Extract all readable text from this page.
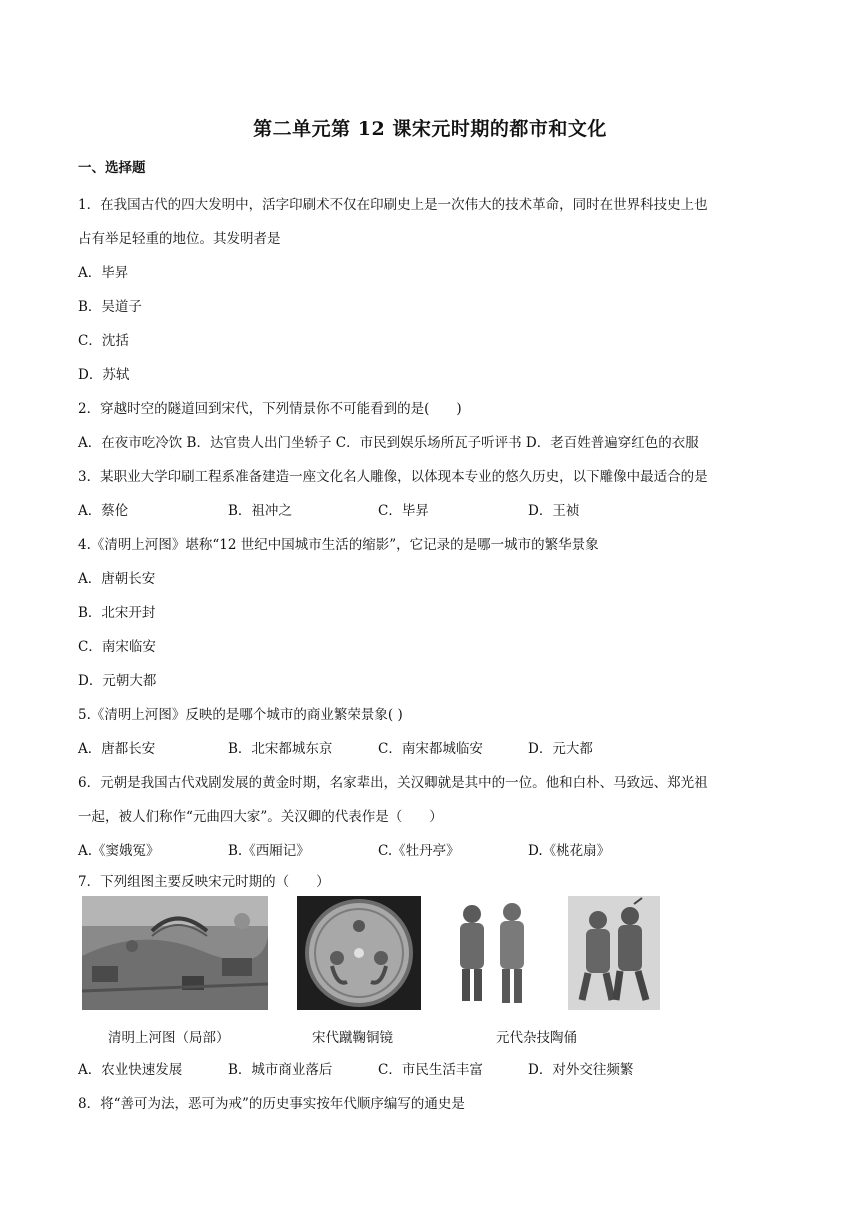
第二单元第 12 课宋元时期的都市和文化
一、选择题
1．在我国古代的四大发明中，活字印刷术不仅在印刷史上是一次伟大的技术革命，同时在世界科技史上也
占有举足轻重的地位。其发明者是
A．毕昇
B．吴道子
C．沈括
D．苏轼
2．穿越时空的隧道回到宋代，下列情景你不可能看到的是(　　)
A．在夜市吃冷饮 B．达官贵人出门坐轿子 C．市民到娱乐场所瓦子听评书 D．老百姓普遍穿红色的衣服
3．某职业大学印刷工程系准备建造一座文化名人雕像，以体现本专业的悠久历史，以下雕像中最适合的是
A．蔡伦	B．祖冲之	C．毕昇	D．王祯
4.《清明上河图》堪称“12 世纪中国城市生活的缩影”，它记录的是哪一城市的繁华景象
A．唐朝长安
B．北宋开封
C．南宋临安
D．元朝大都
5.《清明上河图》反映的是哪个城市的商业繁荣景象( )
A．唐都长安	B．北宋都城东京	C．南宋都城临安	D．元大都
6．元朝是我国古代戏剧发展的黄金时期，名家辈出，关汉卿就是其中的一位。他和白朴、马致远、郑光祖
一起，被人们称作“元曲四大家”。关汉卿的代表作是（　　）
A.《窦娥冤》	B.《西厢记》	C.《牡丹亭》	D.《桃花扇》
7．下列组图主要反映宋元时期的（　　）
清明上河图（局部）	宋代蹴鞠铜镜	元代杂技陶俑
A．农业快速发展	B．城市商业落后	C．市民生活丰富	D．对外交往频繁
8．将“善可为法，恶可为戒”的历史事实按年代顺序编写的通史是
